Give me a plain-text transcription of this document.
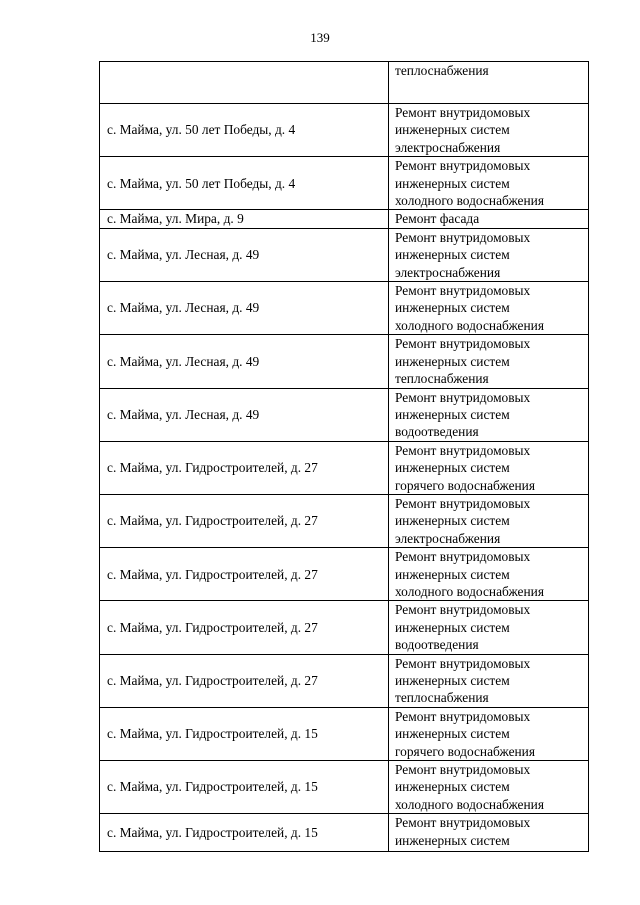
139

	теплоснабжения

с. Майма, ул. 50 лет Победы, д. 4	Ремонт внутридомовых
инженерных систем
электроснабжения

с. Майма, ул. 50 лет Победы, д. 4	Ремонт внутридомовых
инженерных систем
холодного водоснабжения

с. Майма, ул. Мира, д. 9	Ремонт фасада

с. Майма, ул. Лесная, д. 49	Ремонт внутридомовых
инженерных систем
электроснабжения

с. Майма, ул. Лесная, д. 49	Ремонт внутридомовых
инженерных систем
холодного водоснабжения

с. Майма, ул. Лесная, д. 49	Ремонт внутридомовых
инженерных систем
теплоснабжения

с. Майма, ул. Лесная, д. 49	Ремонт внутридомовых
инженерных систем
водоотведения

с. Майма, ул. Гидростроителей, д. 27	Ремонт внутридомовых
инженерных систем
горячего водоснабжения

с. Майма, ул. Гидростроителей, д. 27	Ремонт внутридомовых
инженерных систем
электроснабжения

с. Майма, ул. Гидростроителей, д. 27	Ремонт внутридомовых
инженерных систем
холодного водоснабжения

с. Майма, ул. Гидростроителей, д. 27	Ремонт внутридомовых
инженерных систем
водоотведения

с. Майма, ул. Гидростроителей, д. 27	Ремонт внутридомовых
инженерных систем
теплоснабжения

с. Майма, ул. Гидростроителей, д. 15	Ремонт внутридомовых
инженерных систем
горячего водоснабжения

с. Майма, ул. Гидростроителей, д. 15	Ремонт внутридомовых
инженерных систем
холодного водоснабжения

с. Майма, ул. Гидростроителей, д. 15	Ремонт внутридомовых
инженерных систем
